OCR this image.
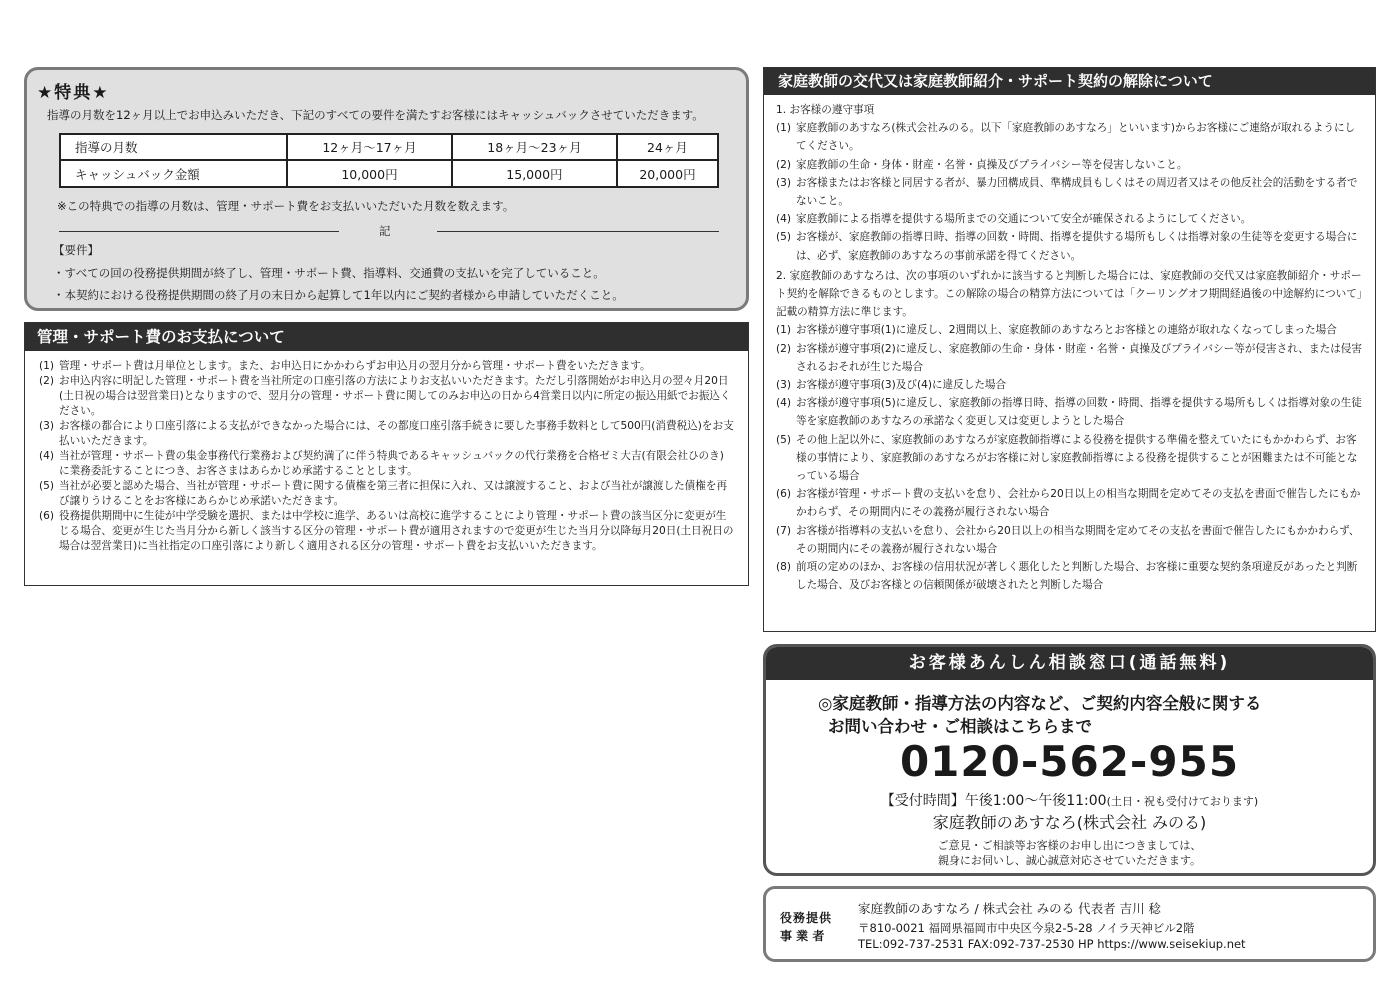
★特典★
指導の月数を12ヶ月以上でお申込みいただき、下記のすべての要件を満たすお客様にはキャッシュバックさせていただきます。
指導の月数	12ヶ月〜17ヶ月	18ヶ月〜23ヶ月	24ヶ月
キャッシュバック金額	10,000円	15,000円	20,000円
※この特典での指導の月数は、管理・サポート費をお支払いいただいた月数を数えます。
記
【要件】
・すべての回の役務提供期間が終了し、管理・サポート費、指導料、交通費の支払いを完了していること。
・本契約における役務提供期間の終了月の末日から起算して1年以内にご契約者様から申請していただくこと。
管理・サポート費のお支払について
(1) 管理・サポート費は月単位とします。また、お申込日にかかわらずお申込月の翌月分から管理・サポート費をいただきます。
(2) お申込内容に明記した管理・サポート費を当社所定の口座引落の方法によりお支払いいただきます。ただし引落開始がお申込月の翌々月20日(土日祝の場合は翌営業日)となりますので、翌月分の管理・サポート費に関してのみお申込の日から4営業日以内に所定の振込用紙でお振込ください。
(3) お客様の都合により口座引落による支払ができなかった場合には、その都度口座引落手続きに要した事務手数料として500円(消費税込)をお支払いいただきます。
(4) 当社が管理・サポート費の集金事務代行業務および契約満了に伴う特典であるキャッシュバックの代行業務を合格ゼミ大吉(有限会社ひのき)に業務委託することにつき、お客さまはあらかじめ承諾することとします。
(5) 当社が必要と認めた場合、当社が管理・サポート費に関する債権を第三者に担保に入れ、又は譲渡すること、および当社が譲渡した債権を再び譲りうけることをお客様にあらかじめ承諾いただきます。
(6) 役務提供期間中に生徒が中学受験を選択、または中学校に進学、あるいは高校に進学することにより管理・サポート費の該当区分に変更が生じる場合、変更が生じた当月分から新しく該当する区分の管理・サポート費が適用されますので変更が生じた当月分以降毎月20日(土日祝日の場合は翌営業日)に当社指定の口座引落により新しく適用される区分の管理・サポート費をお支払いいただきます。
家庭教師の交代又は家庭教師紹介・サポート契約の解除について
1. お客様の遵守事項
(1) 家庭教師のあすなろ(株式会社みのる。以下「家庭教師のあすなろ」といいます)からお客様にご連絡が取れるようにしてください。
(2) 家庭教師の生命・身体・財産・名誉・貞操及びプライバシー等を侵害しないこと。
(3) お客様またはお客様と同居する者が、暴力団構成員、準構成員もしくはその周辺者又はその他反社会的活動をする者でないこと。
(4) 家庭教師による指導を提供する場所までの交通について安全が確保されるようにしてください。
(5) お客様が、家庭教師の指導日時、指導の回数・時間、指導を提供する場所もしくは指導対象の生徒等を変更する場合には、必ず、家庭教師のあすなろの事前承諾を得てください。
2. 家庭教師のあすなろは、次の事項のいずれかに該当すると判断した場合には、家庭教師の交代又は家庭教師紹介・サポート契約を解除できるものとします。この解除の場合の精算方法については「クーリングオフ期間経過後の中途解約について」記載の精算方法に準じます。
(1) お客様が遵守事項(1)に違反し、2週間以上、家庭教師のあすなろとお客様との連絡が取れなくなってしまった場合
(2) お客様が遵守事項(2)に違反し、家庭教師の生命・身体・財産・名誉・貞操及びプライバシー等が侵害され、または侵害されるおそれが生じた場合
(3) お客様が遵守事項(3)及び(4)に違反した場合
(4) お客様が遵守事項(5)に違反し、家庭教師の指導日時、指導の回数・時間、指導を提供する場所もしくは指導対象の生徒等を家庭教師のあすなろの承諾なく変更し又は変更しようとした場合
(5) その他上記以外に、家庭教師のあすなろが家庭教師指導による役務を提供する準備を整えていたにもかかわらず、お客様の事情により、家庭教師のあすなろがお客様に対し家庭教師指導による役務を提供することが困難または不可能となっている場合
(6) お客様が管理・サポート費の支払いを怠り、会社から20日以上の相当な期間を定めてその支払を書面で催告したにもかかわらず、その期間内にその義務が履行されない場合
(7) お客様が指導料の支払いを怠り、会社から20日以上の相当な期間を定めてその支払を書面で催告したにもかかわらず、その期間内にその義務が履行されない場合
(8) 前項の定めのほか、お客様の信用状況が著しく悪化したと判断した場合、お客様に重要な契約条項違反があったと判断した場合、及びお客様との信頼関係が破壊されたと判断した場合
お客様あんしん相談窓口(通話無料)
◎家庭教師・指導方法の内容など、ご契約内容全般に関する
お問い合わせ・ご相談はこちらまで
0120-562-955
【受付時間】午後1:00〜午後11:00(土日・祝も受付けております)
家庭教師のあすなろ(株式会社 みのる)
ご意見・ご相談等お客様のお申し出につきましては、
親身にお伺いし、誠心誠意対応させていただきます。
役務提供
事 業 者
家庭教師のあすなろ / 株式会社 みのる 代表者 吉川 稔
〒810-0021 福岡県福岡市中央区今泉2-5-28 ノイラ天神ビル2階
TEL:092-737-2531 FAX:092-737-2530 HP https://www.seisekiup.net
